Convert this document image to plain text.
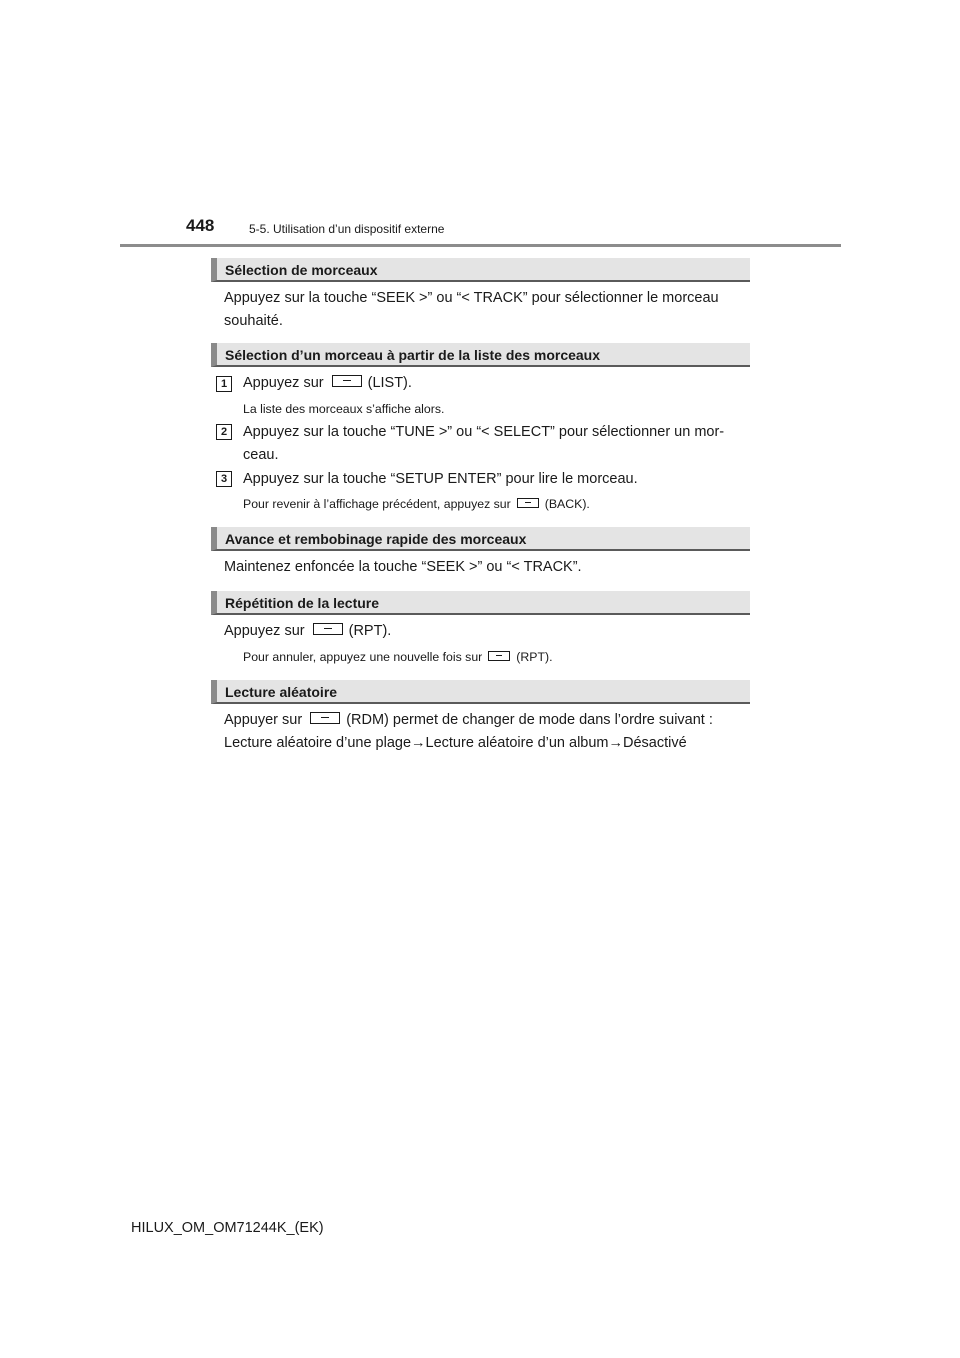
448	5-5. Utilisation d’un dispositif externe
Sélection de morceaux
Appuyez sur la touche “SEEK >” ou “< TRACK” pour sélectionner le morceau souhaité.
Sélection d’un morceau à partir de la liste des morceaux
1	Appuyez sur	(LIST).
La liste des morceaux s’affiche alors.
2	Appuyez sur la touche “TUNE >” ou “< SELECT” pour sélectionner un mor-ceau.
3	Appuyez sur la touche “SETUP ENTER” pour lire le morceau.
Pour revenir à l’affichage précédent, appuyez sur	(BACK).
Avance et rembobinage rapide des morceaux
Maintenez enfoncée la touche “SEEK >” ou “< TRACK”.
Répétition de la lecture
Appuyez sur	(RPT).
Pour annuler, appuyez une nouvelle fois sur	(RPT).
Lecture aléatoire
Appuyer sur	(RDM) permet de changer de mode dans l’ordre suivant :
Lecture aléatoire d’une plage→Lecture aléatoire d’un album→Désactivé
HILUX_OM_OM71244K_(EK)
